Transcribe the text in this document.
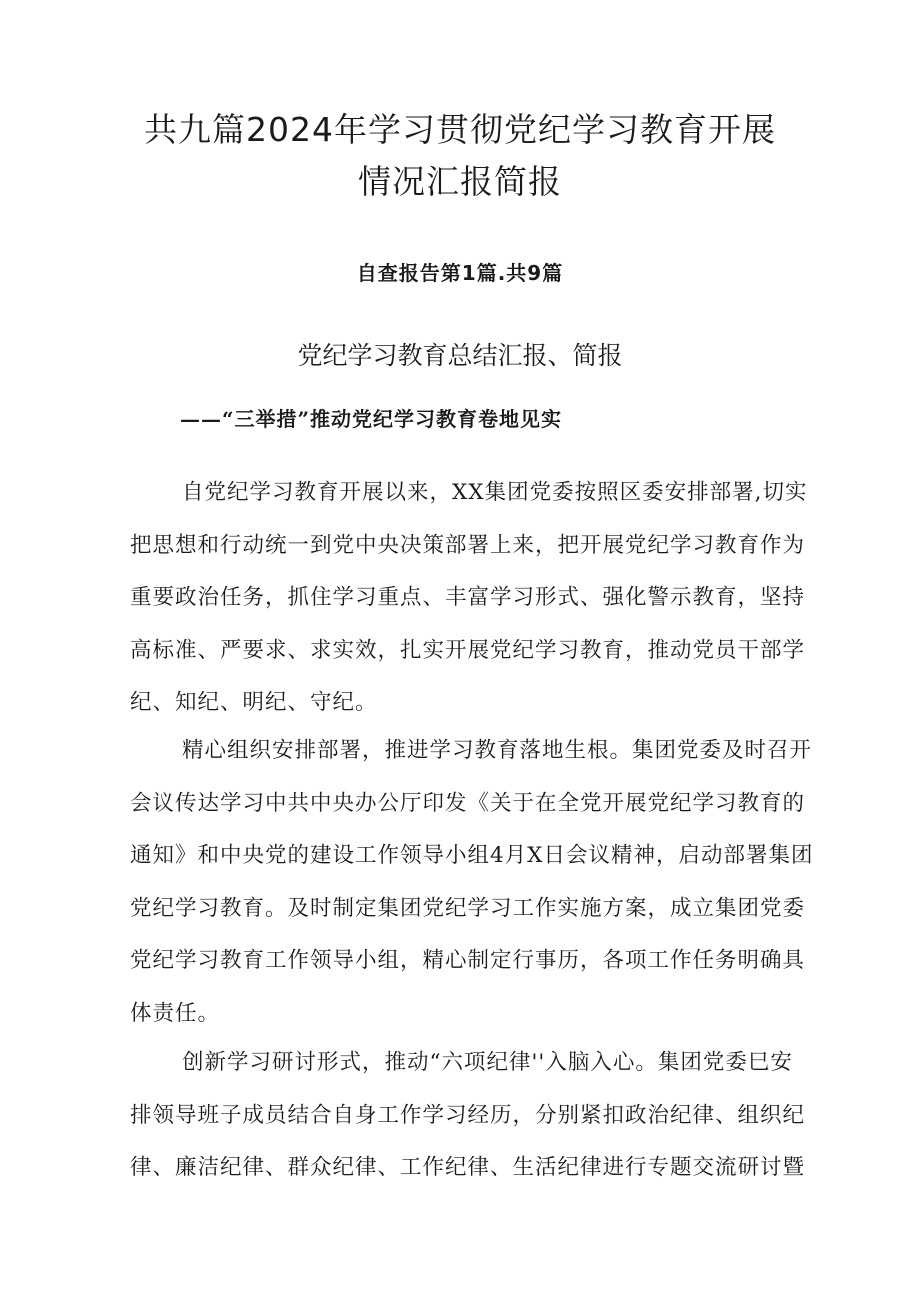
共九篇2024年学习贯彻党纪学习教育开展
情况汇报简报

自查报告第1篇.共9篇

党纪学习教育总结汇报、简报

——“三举措”推动党纪学习教育卷地见实

自党纪学习教育开展以来，XX集团党委按照区委安排部署,切实
把思想和行动统一到党中央决策部署上来，把开展党纪学习教育作为
重要政治任务，抓住学习重点、丰富学习形式、强化警示教育，坚持
高标准、严要求、求实效，扎实开展党纪学习教育，推动党员干部学
纪、知纪、明纪、守纪。

精心组织安排部署，推进学习教育落地生根。集团党委及时召开
会议传达学习中共中央办公厅印发《关于在全党开展党纪学习教育的
通知》和中央党的建设工作领导小组4月X日会议精神，启动部署集团
党纪学习教育。及时制定集团党纪学习工作实施方案，成立集团党委
党纪学习教育工作领导小组，精心制定行事历，各项工作任务明确具
体责任。

创新学习研讨形式，推动“六项纪律''入脑入心。集团党委巳安
排领导班子成员结合自身工作学习经历，分别紧扣政治纪律、组织纪
律、廉洁纪律、群众纪律、工作纪律、生活纪律进行专题交流研讨暨
